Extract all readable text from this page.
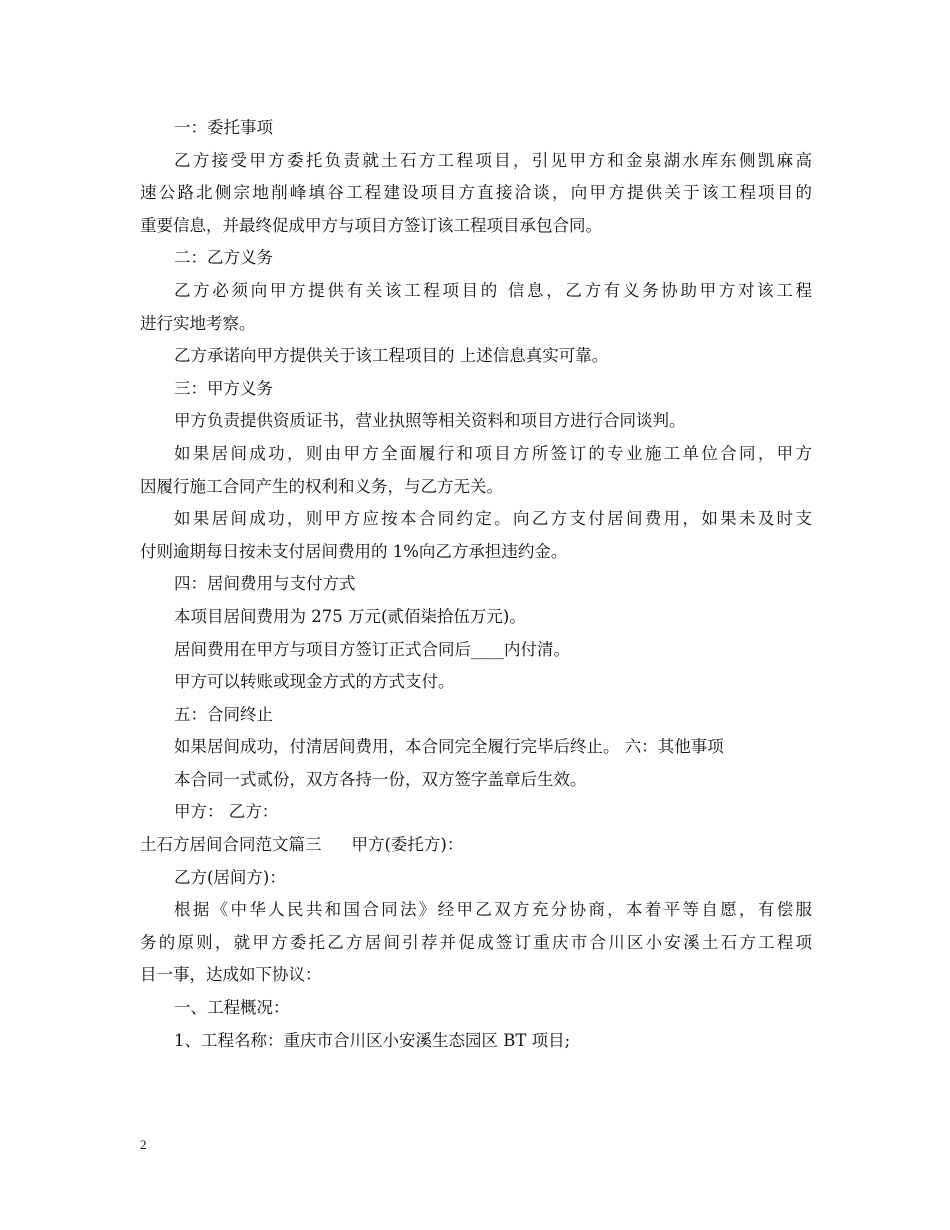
一：委托事项
乙方接受甲方委托负责就土石方工程项目，引见甲方和金泉湖水库东侧凯麻高
速公路北侧宗地削峰填谷工程建设项目方直接洽谈，向甲方提供关于该工程项目的
重要信息，并最终促成甲方与项目方签订该工程项目承包合同。
二：乙方义务
乙方必须向甲方提供有关该工程项目的 信息，乙方有义务协助甲方对该工程
进行实地考察。
乙方承诺向甲方提供关于该工程项目的 上述信息真实可靠。
三：甲方义务
甲方负责提供资质证书，营业执照等相关资料和项目方进行合同谈判。
如果居间成功，则由甲方全面履行和项目方所签订的专业施工单位合同，甲方
因履行施工合同产生的权利和义务，与乙方无关。
如果居间成功，则甲方应按本合同约定。向乙方支付居间费用，如果未及时支
付则逾期每日按未支付居间费用的 1%向乙方承担违约金。
四：居间费用与支付方式
本项目居间费用为 275 万元(贰佰柒拾伍万元)。
居间费用在甲方与项目方签订正式合同后____内付清。
甲方可以转账或现金方式的方式支付。
五：合同终止
如果居间成功，付清居间费用，本合同完全履行完毕后终止。 六：其他事项
本合同一式贰份，双方各持一份，双方签字盖章后生效。
甲方： 乙方：
土石方居间合同范文篇三 甲方(委托方)：
乙方(居间方)：
根据《中华人民共和国合同法》经甲乙双方充分协商，本着平等自愿，有偿服
务的原则，就甲方委托乙方居间引荐并促成签订重庆市合川区小安溪土石方工程项
目一事，达成如下协议：
一、工程概况：
1、工程名称：重庆市合川区小安溪生态园区 BT 项目;
2
